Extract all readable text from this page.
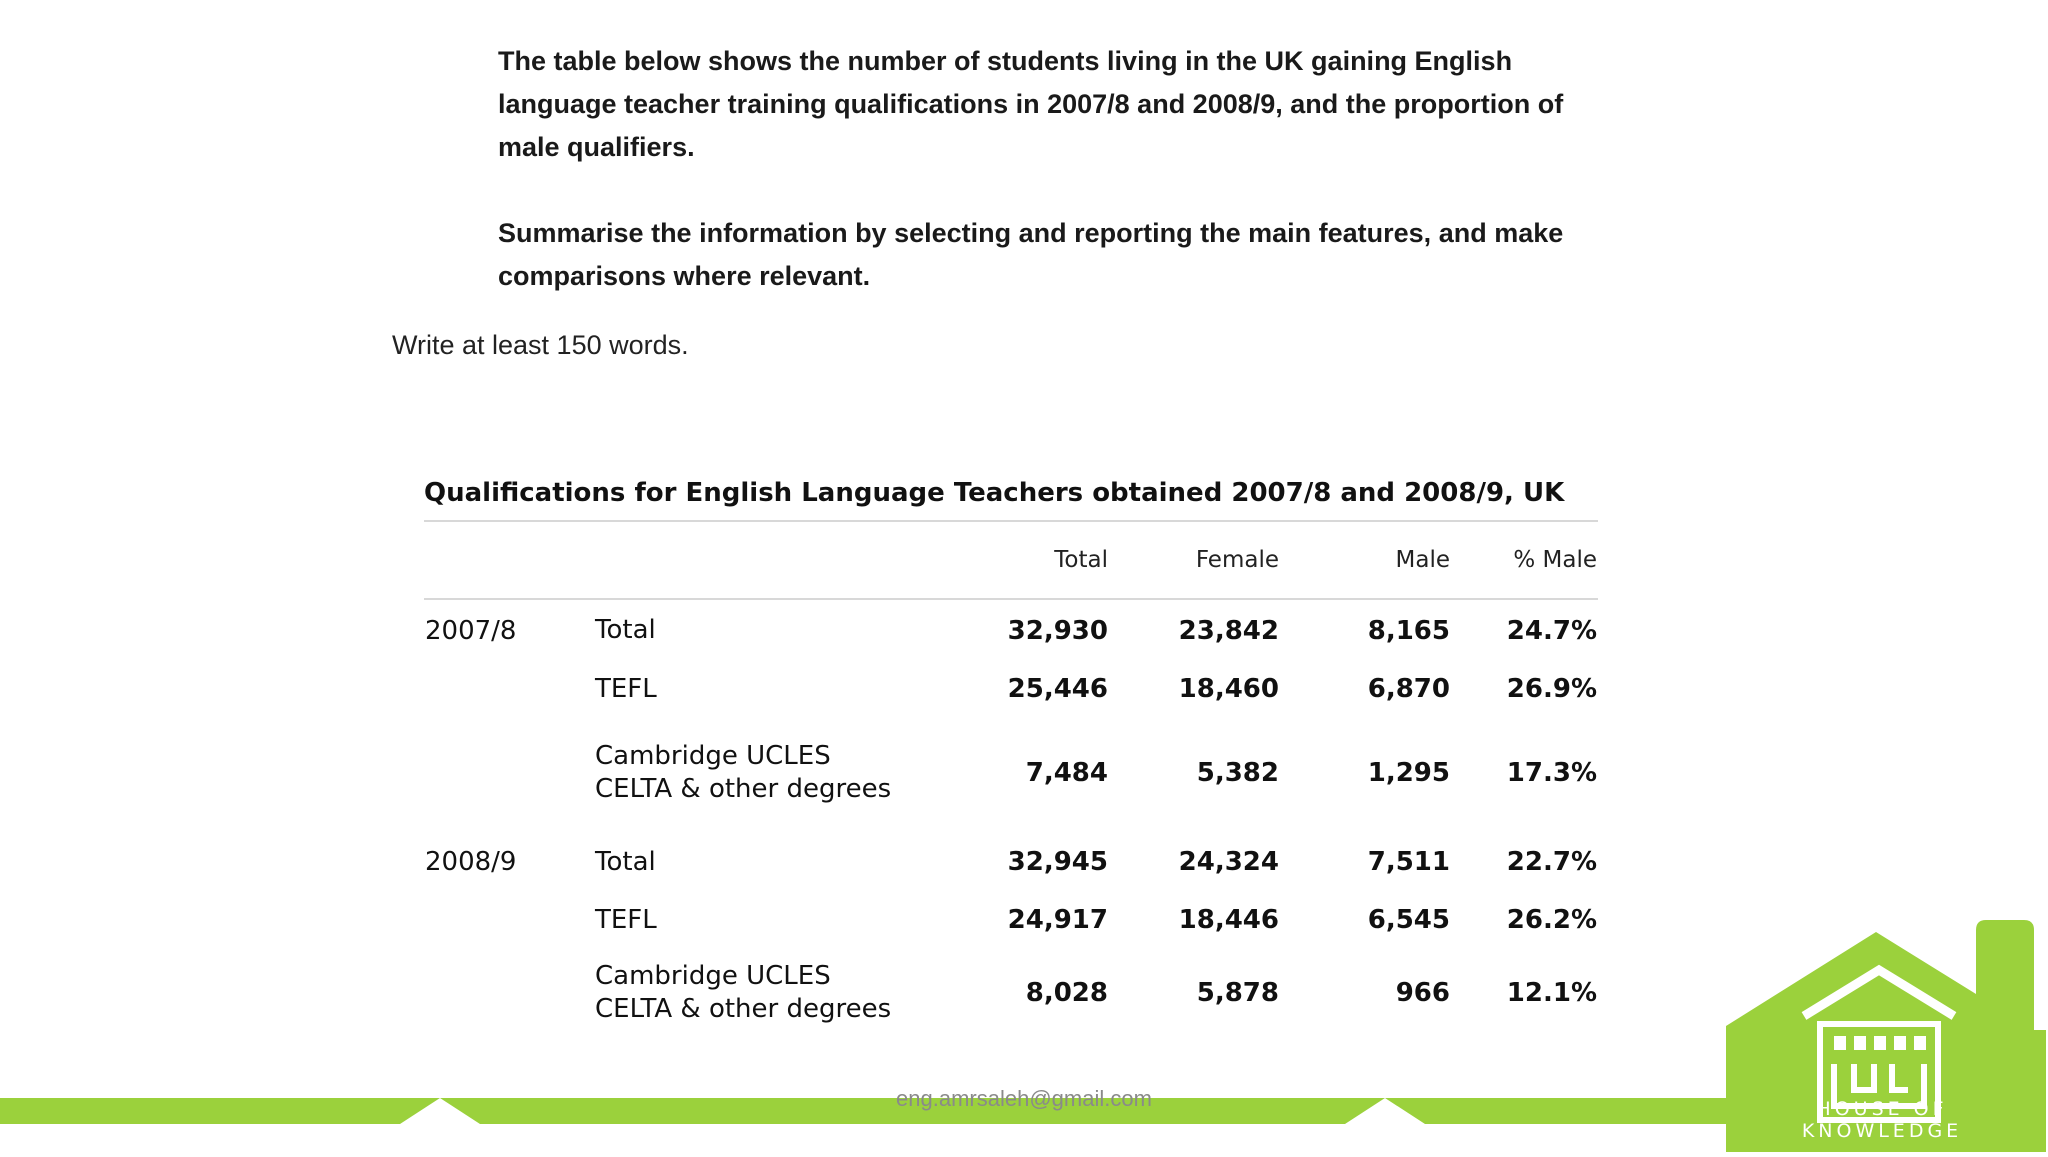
The table below shows the number of students living in the UK gaining English language teacher training qualifications in 2007/8 and 2008/9, and the proportion of male qualifiers.

Summarise the information by selecting and reporting the main features, and make comparisons where relevant.

Write at least 150 words.
Qualifications for English Language Teachers obtained 2007/8 and 2008/9, UK
		Total	Female	Male	% Male
2007/8	Total	32,930	23,842	8,165	24.7%

	TEFL	25,446	18,460	6,870	26.9%

	Cambridge UCLES
CELTA & other degrees	7,484	5,382	1,295	17.3%
2008/9	Total	32,945	24,324	7,511	22.7%

	TEFL	24,917	18,446	6,545	26.2%

	Cambridge UCLES
CELTA & other degrees	8,028	5,878	966	12.1%
eng.amrsaleh@gmail.com	HOUSE OF KNOWLEDGE
